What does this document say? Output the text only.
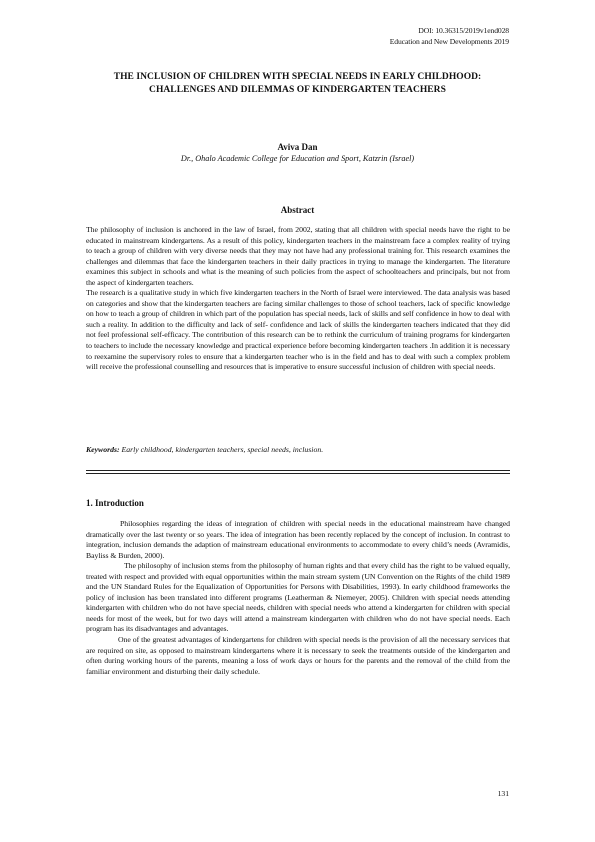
DOI: 10.36315/2019v1end028
Education and New Developments 2019
THE INCLUSION OF CHILDREN WITH SPECIAL NEEDS IN EARLY CHILDHOOD: CHALLENGES AND DILEMMAS OF KINDERGARTEN TEACHERS
Aviva Dan
Dr., Ohalo Academic College for Education and Sport, Katzrin (Israel)
Abstract

The philosophy of inclusion is anchored in the law of Israel, from 2002, stating that all children with special needs have the right to be educated in mainstream kindergartens. As a result of this policy, kindergarten teachers in the mainstream face a complex reality of trying to teach a group of children with very diverse needs that they may not have had any professional training for. This research examines the challenges and dilemmas that face the kindergarten teachers in their daily practices in trying to manage the kindergarten. The literature examines this subject in schools and what is the meaning of such policies from the aspect of schoolteachers and principals, but not from the aspect of kindergarten teachers.

The research is a qualitative study in which five kindergarten teachers in the North of Israel were interviewed. The data analysis was based on categories and show that the kindergarten teachers are facing similar challenges to those of school teachers, lack of specific knowledge on how to teach a group of children in which part of the population has special needs, lack of skills and self confidence in how to deal with such a reality. In addition to the difficulty and lack of self- confidence and lack of skills the kindergarten teachers indicated that they did not feel professional self-efficacy. The contribution of this research can be to rethink the curriculum of training programs for kindergarten to teachers to include the necessary knowledge and practical experience before becoming kindergarten teachers .In addition it is necessary to reexamine the supervisory roles to ensure that a kindergarten teacher who is in the field and has to deal with such a complex problem will receive the professional counselling and resources that is imperative to ensure successful inclusion of children with special needs.

Keywords: Early childhood, kindergarten teachers, special needs, inclusion.
1. Introduction

Philosophies regarding the ideas of integration of children with special needs in the educational mainstream have changed dramatically over the last twenty or so years. The idea of integration has been recently replaced by the concept of inclusion. In contrast to integration, inclusion demands the adaption of mainstream educational environments to accommodate to every child’s needs (Avramidis, Bayliss & Burden, 2000).

The philosophy of inclusion stems from the philosophy of human rights and that every child has the right to be valued equally, treated with respect and provided with equal opportunities within the main stream system (UN Convention on the Rights of the child 1989 and the UN Standard Rules for the Equalization of Opportunities for Persons with Disabilities, 1993). In early childhood frameworks the policy of inclusion has been translated into different programs (Leatherman & Niemeyer, 2005). Children with special needs attending kindergarten with children who do not have special needs, children with special needs who attend a kindergarten for children with special needs for most of the week, but for two days will attend a mainstream kindergarten with children who do not have special needs. Each program has its disadvantages and advantages.

One of the greatest advantages of kindergartens for children with special needs is the provision of all the necessary services that are required on site, as opposed to mainstream kindergartens where it is necessary to seek the treatments outside of the kindergarten and often during working hours of the parents, meaning a loss of work days or hours for the parents and the removal of the child from the familiar environment and disturbing their daily schedule.

131
